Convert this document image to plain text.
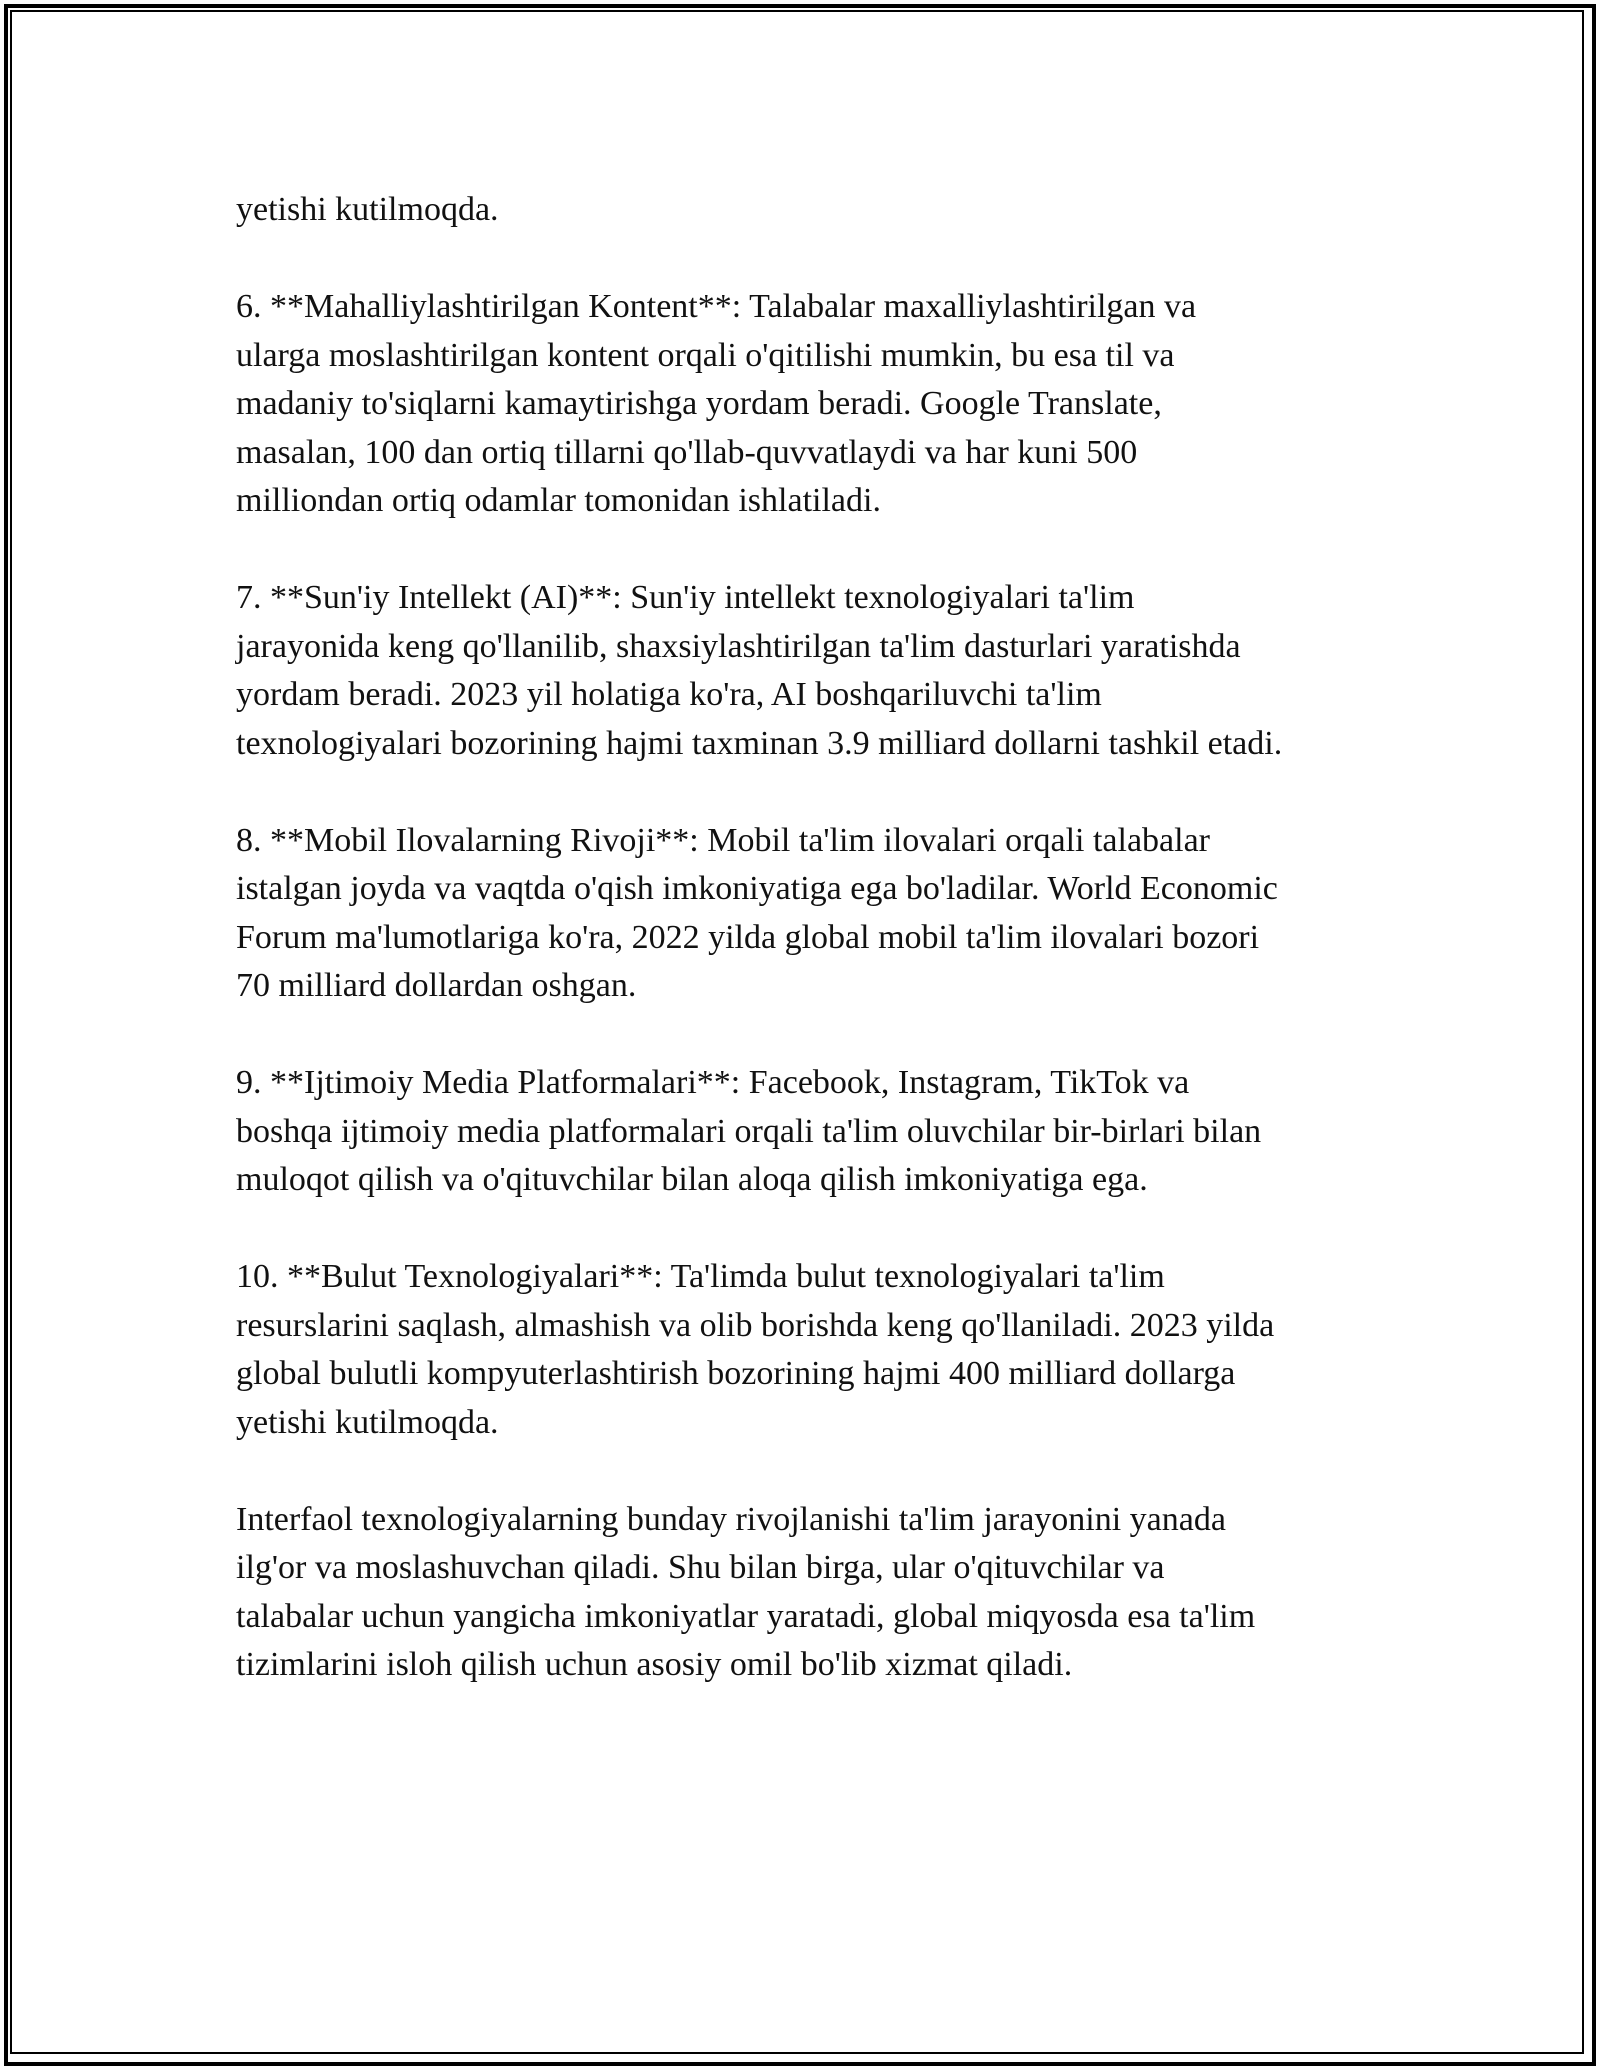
yetishi kutilmoqda.

6. **Mahalliylashtirilgan Kontent**: Talabalar maxalliylashtirilgan va
ularga moslashtirilgan kontent orqali o'qitilishi mumkin, bu esa til va
madaniy to'siqlarni kamaytirishga yordam beradi. Google Translate,
masalan, 100 dan ortiq tillarni qo'llab-quvvatlaydi va har kuni 500
milliondan ortiq odamlar tomonidan ishlatiladi.

7. **Sun'iy Intellekt (AI)**: Sun'iy intellekt texnologiyalari ta'lim
jarayonida keng qo'llanilib, shaxsiylashtirilgan ta'lim dasturlari yaratishda
yordam beradi. 2023 yil holatiga ko'ra, AI boshqariluvchi ta'lim
texnologiyalari bozorining hajmi taxminan 3.9 milliard dollarni tashkil etadi.

8. **Mobil Ilovalarning Rivoji**: Mobil ta'lim ilovalari orqali talabalar
istalgan joyda va vaqtda o'qish imkoniyatiga ega bo'ladilar. World Economic
Forum ma'lumotlariga ko'ra, 2022 yilda global mobil ta'lim ilovalari bozori
70 milliard dollardan oshgan.

9. **Ijtimoiy Media Platformalari**: Facebook, Instagram, TikTok va
boshqa ijtimoiy media platformalari orqali ta'lim oluvchilar bir-birlari bilan
muloqot qilish va o'qituvchilar bilan aloqa qilish imkoniyatiga ega.

10. **Bulut Texnologiyalari**: Ta'limda bulut texnologiyalari ta'lim
resurslarini saqlash, almashish va olib borishda keng qo'llaniladi. 2023 yilda
global bulutli kompyuterlashtirish bozorining hajmi 400 milliard dollarga
yetishi kutilmoqda.

Interfaol texnologiyalarning bunday rivojlanishi ta'lim jarayonini yanada
ilg'or va moslashuvchan qiladi. Shu bilan birga, ular o'qituvchilar va
talabalar uchun yangicha imkoniyatlar yaratadi, global miqyosda esa ta'lim
tizimlarini isloh qilish uchun asosiy omil bo'lib xizmat qiladi.
